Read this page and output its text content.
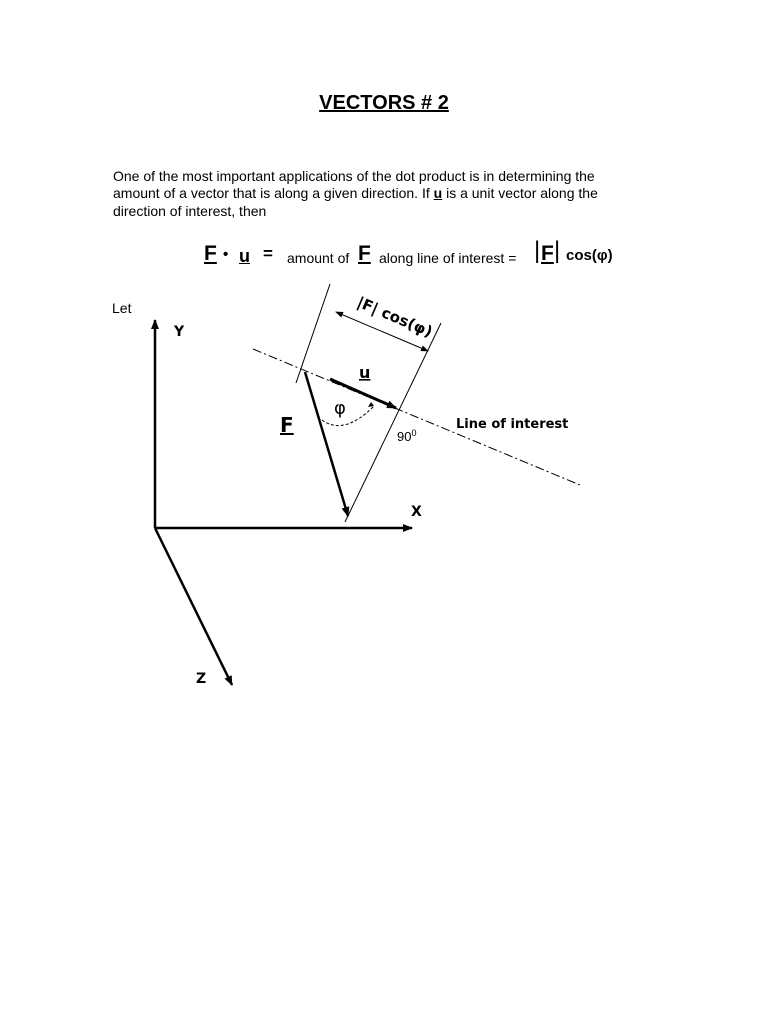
VECTORS # 2

One of the most important applications of the dot product is in determining the

amount of a vector that is along a given direction. If u is a unit vector along the

direction of interest, then

F • u = amount of F along line of interest = | F | cos(φ)
Let
Y
X
Z
Line of interest
F
|F| cos(φ)
u
φ
$90^0$
